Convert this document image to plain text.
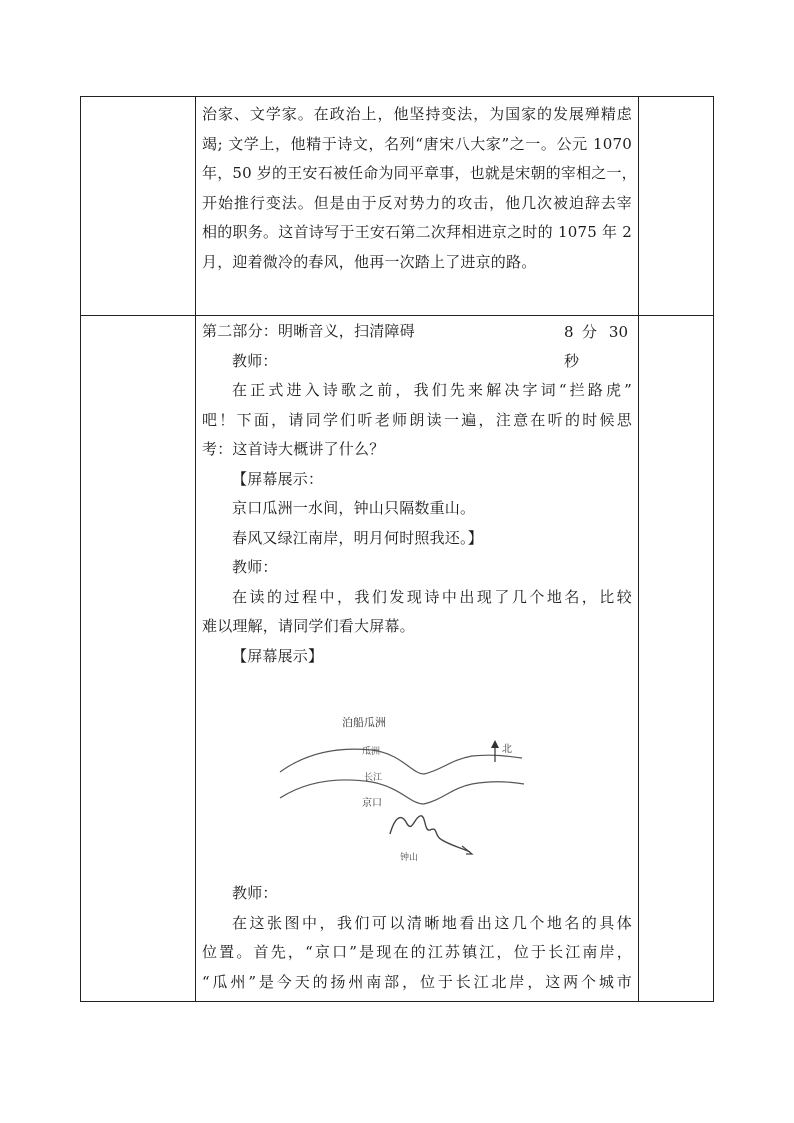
治家、文学家。在政治上，他坚持变法，为国家的发展殚精虑
竭; 文学上，他精于诗文，名列“唐宋八大家”之一。公元 1070
年，50 岁的王安石被任命为同平章事，也就是宋朝的宰相之一，
开始推行变法。但是由于反对势力的攻击，他几次被迫辞去宰
相的职务。这首诗写于王安石第二次拜相进京之时的 1075 年 2
月，迎着微冷的春风，他再一次踏上了进京的路。
第二部分：明晰音义，扫清障碍
教师：
在正式进入诗歌之前，我们先来解决字词“拦路虎”
吧！下面，请同学们听老师朗读一遍，注意在听的时候思
考：这首诗大概讲了什么？
【屏幕展示：
京口瓜洲一水间，钟山只隔数重山。
春风又绿江南岸，明月何时照我还。】
教师：
在读的过程中，我们发现诗中出现了几个地名，比较
难以理解，请同学们看大屏幕。
【屏幕展示】
教师：
在这张图中，我们可以清晰地看出这几个地名的具体
位置。首先，“京口”是现在的江苏镇江，位于长江南岸，
“瓜州”是今天的扬州南部，位于长江北岸，这两个城市
8 分 30
秒
泊船瓜洲
北
瓜洲
长江
京口
钟山
